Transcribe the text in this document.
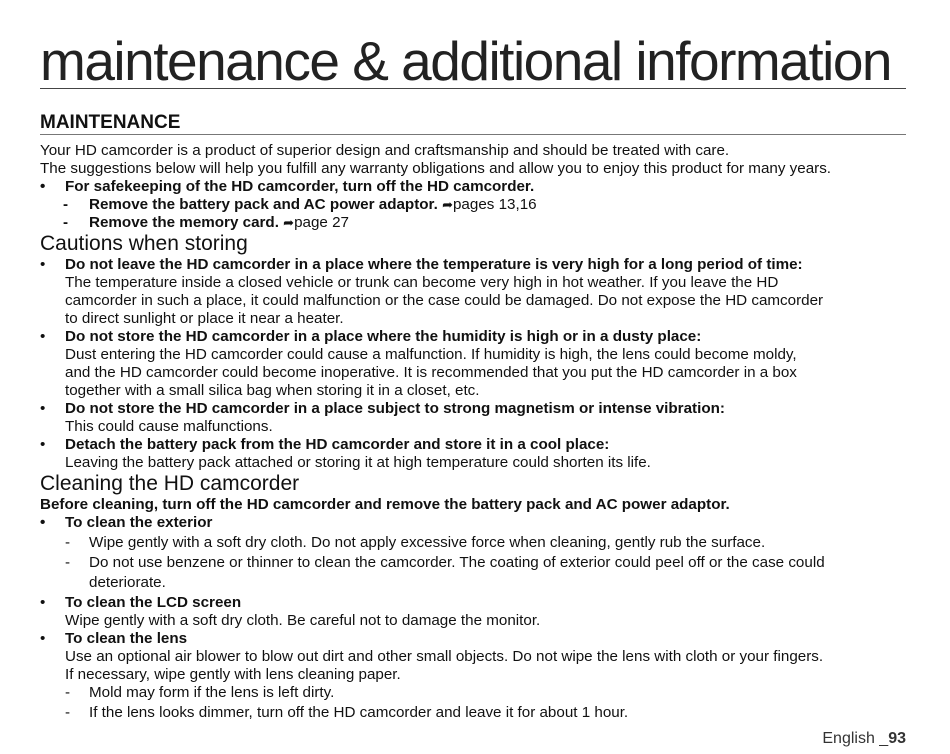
maintenance & additional information
MAINTENANCE

Your HD camcorder is a product of superior design and craftsmanship and should be treated with care.

The suggestions below will help you fulfill any warranty obligations and allow you to enjoy this product for many years.

• For safekeeping of the HD camcorder, turn off the HD camcorder.
- Remove the battery pack and AC power adaptor. ➦pages 13,16
- Remove the memory card. ➦page 27

Cautions when storing

• Do not leave the HD camcorder in a place where the temperature is very high for a long period of time:

The temperature inside a closed vehicle or trunk can become very high in hot weather. If you leave the HD

camcorder in such a place, it could malfunction or the case could be damaged. Do not expose the HD camcorder

to direct sunlight or place it near a heater.

• Do not store the HD camcorder in a place where the humidity is high or in a dusty place:

Dust entering the HD camcorder could cause a malfunction. If humidity is high, the lens could become moldy,

and the HD camcorder could become inoperative. It is recommended that you put the HD camcorder in a box

together with a small silica bag when storing it in a closet, etc.

• Do not store the HD camcorder in a place subject to strong magnetism or intense vibration:

This could cause malfunctions.

• Detach the battery pack from the HD camcorder and store it in a cool place:

Leaving the battery pack attached or storing it at high temperature could shorten its life.

Cleaning the HD camcorder

Before cleaning, turn off the HD camcorder and remove the battery pack and AC power adaptor.

• To clean the exterior
- Wipe gently with a soft dry cloth. Do not apply excessive force when cleaning, gently rub the surface.
- Do not use benzene or thinner to clean the camcorder. The coating of exterior could peel off or the case could

deteriorate.

• To clean the LCD screen

Wipe gently with a soft dry cloth. Be careful not to damage the monitor.

• To clean the lens

Use an optional air blower to blow out dirt and other small objects. Do not wipe the lens with cloth or your fingers.

If necessary, wipe gently with lens cleaning paper.

- Mold may form if the lens is left dirty.
- If the lens looks dimmer, turn off the HD camcorder and leave it for about 1 hour.
English _93
